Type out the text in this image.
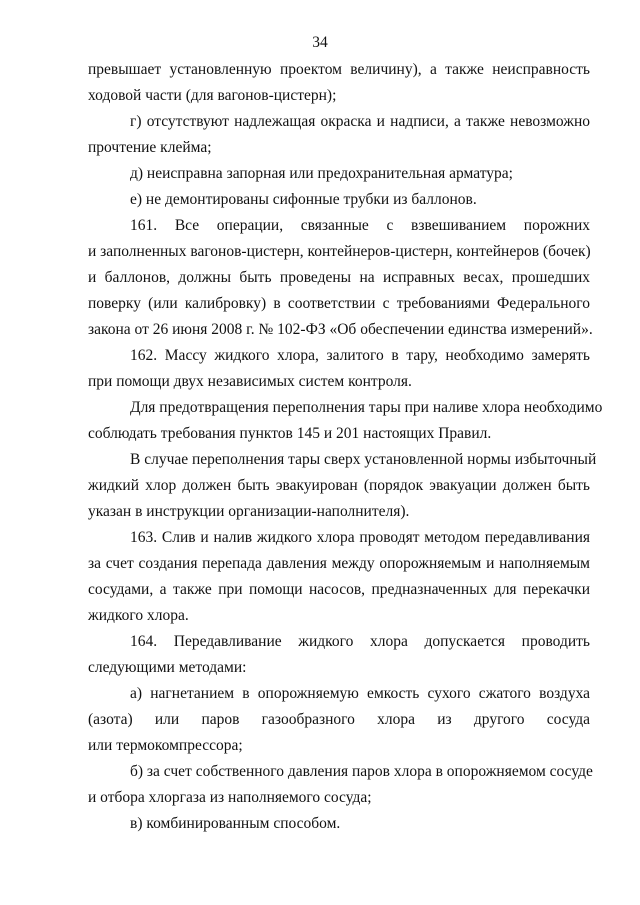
34
превышает установленную проектом величину), а также неисправность
ходовой части (для вагонов-цистерн);
г) отсутствуют надлежащая окраска и надписи, а также невозможно
прочтение клейма;
д) неисправна запорная или предохранительная арматура;
е) не демонтированы сифонные трубки из баллонов.
161. Все операции, связанные с взвешиванием порожних
и заполненных вагонов-цистерн, контейнеров-цистерн, контейнеров (бочек)
и баллонов, должны быть проведены на исправных весах, прошедших
поверку (или калибровку) в соответствии с требованиями Федерального
закона от 26 июня 2008 г. № 102-ФЗ «Об обеспечении единства измерений».
162. Массу жидкого хлора, залитого в тару, необходимо замерять
при помощи двух независимых систем контроля.
Для предотвращения переполнения тары при наливе хлора необходимо
соблюдать требования пунктов 145 и 201 настоящих Правил.
В случае переполнения тары сверх установленной нормы избыточный
жидкий хлор должен быть эвакуирован (порядок эвакуации должен быть
указан в инструкции организации-наполнителя).
163. Слив и налив жидкого хлора проводят методом передавливания
за счет создания перепада давления между опорожняемым и наполняемым
сосудами, а также при помощи насосов, предназначенных для перекачки
жидкого хлора.
164. Передавливание жидкого хлора допускается проводить
следующими методами:
а) нагнетанием в опорожняемую емкость сухого сжатого воздуха
(азота) или паров газообразного хлора из другого сосуда
или термокомпрессора;
б) за счет собственного давления паров хлора в опорожняемом сосуде
и отбора хлоргаза из наполняемого сосуда;
в) комбинированным способом.
